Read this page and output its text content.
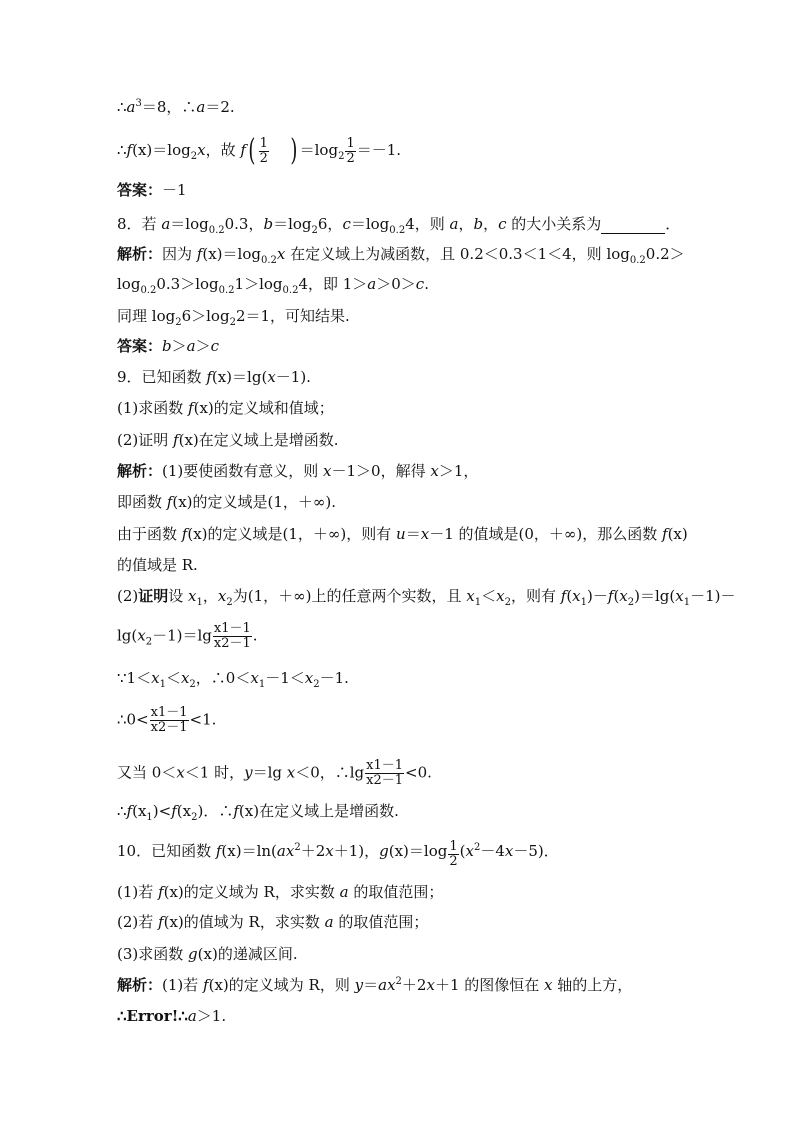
$\therefore a^3=8$，∴a＝2.
$\therefore f(x)=\log_2x$，故 $f( \frac{1}{2}$ ) $=\log_2 \frac{1}{2} =-1$.
答案：－1
8．若 $a=\log_{0.2}0.3$，$b=\log_26$，$c=\log_{0.2}4$，则 a，b，c 的大小关系为	．
解析：因为 $f(x)=\log_{0.2}x$ 在定义域上为减函数，且 0.2＜0.3＜1＜4，则 $\log_{0.2}0.2>$
$\log_{0.2}0.3>\log_{0.2}1>\log_{0.2}4$，即 1＞a＞0＞c.
同理 $\log_26>\log_22=1$，可知结果.
答案：b＞a＞c
9．已知函数 f(x)＝lg(x－1).
(1)求函数 f(x)的定义域和值域；
(2)证明 f(x)在定义域上是增函数.
解析：(1)要使函数有意义，则 x－1＞0，解得 x＞1，
即函数 f(x)的定义域是(1，＋∞).
由于函数 f(x)的定义域是(1，＋∞)，则有 u＝x－1 的值域是(0，＋∞)，那么函数 f(x)
的值域是 R.
(2)证明设 $x_1$，$x_2$为(1，＋∞)上的任意两个实数，且 $x_1<x_2$，则有 $f(x_1)-f(x_2)=\lg(x_1-1)-$
$\lg(x_2-1)=\lg \frac{x1-1}{x2-1}$ .
$\because 1<x_1<x_2$，$\therefore 0<x_1-1<x_2-1$.
∴0< $\frac{x1-1}{x2-1} <1$.
又当 0＜x＜1 时，y＝lg x＜0，∴lg $\frac{x1-1}{x2-1} <0$.
$\therefore f(x_1)<f(x_2)$．∴f(x)在定义域上是增函数.
10．已知函数 $f(x)=\ln(ax^2+2x+1)$，$g(x)=\log \frac{1}{2} (x^2-4x-5)$．
(1)若 f(x)的定义域为 R，求实数 a 的取值范围；
(2)若 f(x)的值域为 R，求实数 a 的取值范围；
(3)求函数 g(x)的递减区间.
解析：(1)若 f(x)的定义域为 R，则 $y=ax^2+2x+1$ 的图像恒在 x 轴的上方，
∴Error!∴a＞1.
